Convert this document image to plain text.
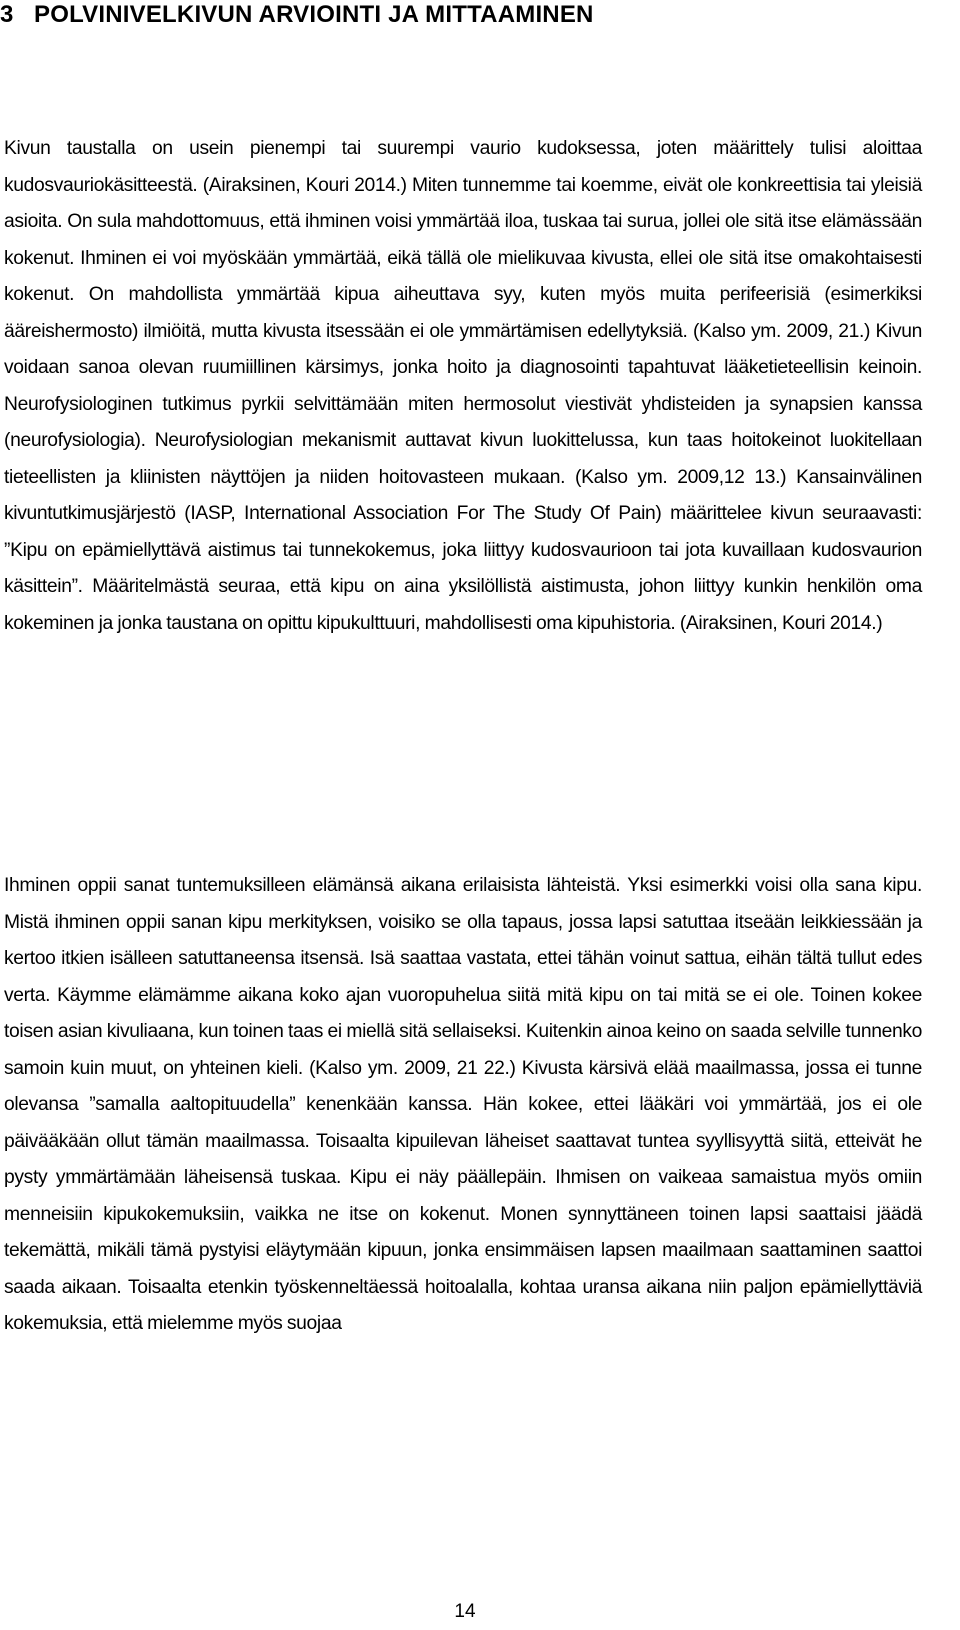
3 POLVINIVELKIVUN ARVIOINTI JA MITTAAMINEN

Kivun taustalla on usein pienempi tai suurempi vaurio kudoksessa, joten määrittely tulisi aloittaa kudosvauriokäsitteestä. (Airaksinen, Kouri 2014.) Miten tunnemme tai koemme, eivät ole konkreettisia tai yleisiä asioita. On sula mahdottomuus, että ihminen voisi ymmärtää iloa, tuskaa tai surua, jollei ole sitä itse elämässään kokenut. Ihminen ei voi myöskään ymmärtää, eikä tällä ole mielikuvaa kivusta, ellei ole sitä itse omakohtaisesti kokenut. On mahdollista ymmärtää kipua aiheuttava syy, kuten myös muita perifeerisiä (esimerkiksi ääreishermosto) ilmiöitä, mutta kivusta itsessään ei ole ymmärtämisen edellytyksiä. (Kalso ym. 2009, 21.) Kivun voidaan sanoa olevan ruumiillinen kärsimys, jonka hoito ja diagnosointi tapahtuvat lääketieteellisin keinoin. Neurofysiologinen tutkimus pyrkii selvittämään miten hermosolut viestivät yhdisteiden ja synapsien kanssa (neurofysiologia). Neurofysiologian mekanismit auttavat kivun luokittelussa, kun taas hoitokeinot luokitellaan tieteellisten ja kliinisten näyttöjen ja niiden hoitovasteen mukaan. (Kalso ym. 2009,12 13.) Kansainvälinen kivuntutkimusjärjestö (IASP, International Association For The Study Of Pain) määrittelee kivun seuraavasti: ”Kipu on epämiellyttävä aistimus tai tunnekokemus, joka liittyy kudosvaurioon tai jota kuvaillaan kudosvaurion käsittein”. Määritelmästä seuraa, että kipu on aina yksilöllistä aistimusta, johon liittyy kunkin henkilön oma kokeminen ja jonka taustana on opittu kipukulttuuri, mahdollisesti oma kipuhistoria. (Airaksinen, Kouri 2014.)

Ihminen oppii sanat tuntemuksilleen elämänsä aikana erilaisista lähteistä. Yksi esimerkki voisi olla sana kipu. Mistä ihminen oppii sanan kipu merkityksen, voisiko se olla tapaus, jossa lapsi satuttaa itseään leikkiessään ja kertoo itkien isälleen satuttaneensa itsensä. Isä saattaa vastata, ettei tähän voinut sattua, eihän tältä tullut edes verta. Käymme elämämme aikana koko ajan vuoropuhelua siitä mitä kipu on tai mitä se ei ole. Toinen kokee toisen asian kivuliaana, kun toinen taas ei miellä sitä sellaiseksi. Kuitenkin ainoa keino on saada selville tunnenko samoin kuin muut, on yhteinen kieli. (Kalso ym. 2009, 21 22.) Kivusta kärsivä elää maailmassa, jossa ei tunne olevansa ”samalla aaltopituudella” kenenkään kanssa. Hän kokee, ettei lääkäri voi ymmärtää, jos ei ole päivääkään ollut tämän maailmassa. Toisaalta kipuilevan läheiset saattavat tuntea syyllisyyttä siitä, etteivät he pysty ymmärtämään läheisensä tuskaa. Kipu ei näy päällepäin. Ihmisen on vaikeaa samaistua myös omiin menneisiin kipukokemuksiin, vaikka ne itse on kokenut. Monen synnyttäneen toinen lapsi saattaisi jäädä tekemättä, mikäli tämä pystyisi eläytymään kipuun, jonka ensimmäisen lapsen maailmaan saattaminen saattoi saada aikaan. Toisaalta etenkin työskenneltäessä hoitoalalla, kohtaa uransa aikana niin paljon epämiellyttäviä kokemuksia, että mielemme myös suojaa

14
